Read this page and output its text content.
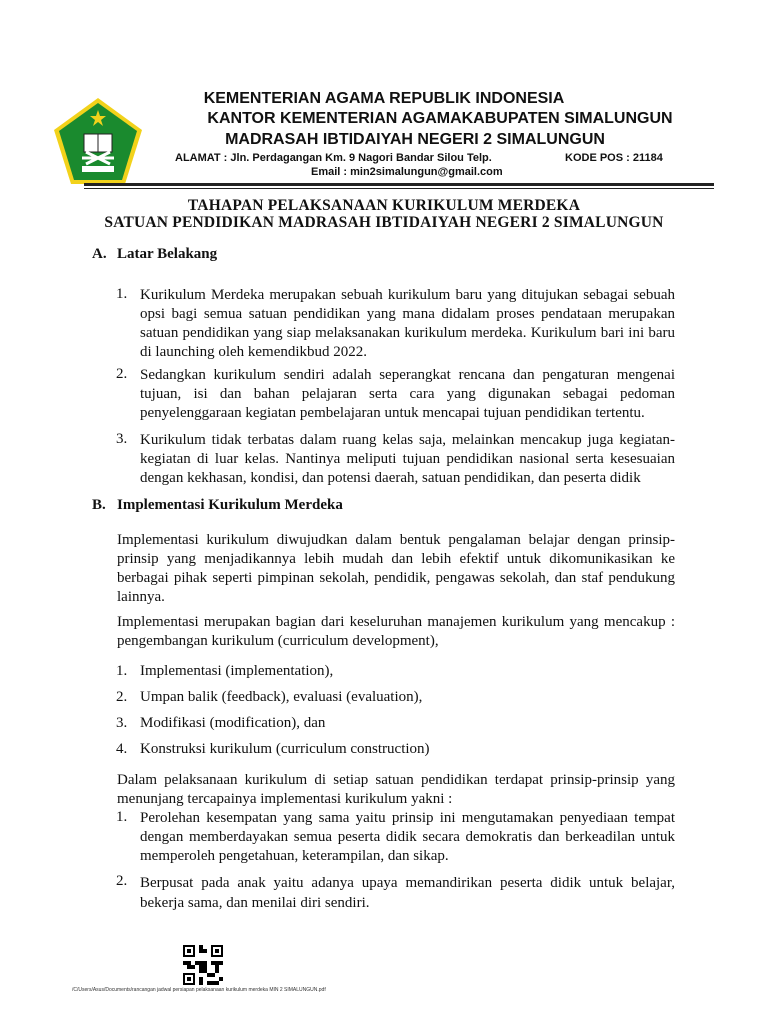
KEMENTERIAN AGAMA REPUBLIK INDONESIA
KANTOR KEMENTERIAN AGAMAKABUPATEN SIMALUNGUN
MADRASAH IBTIDAIYAH NEGERI 2 SIMALUNGUN
ALAMAT : Jln. Perdagangan Km. 9 Nagori Bandar Silou Telp.	KODE POS : 21184
Email : min2simalungun@gmail.com
TAHAPAN PELAKSANAAN KURIKULUM MERDEKA
SATUAN PENDIDIKAN MADRASAH IBTIDAIYAH NEGERI 2 SIMALUNGUN
A. Latar Belakang
1. Kurikulum Merdeka merupakan sebuah kurikulum baru yang ditujukan sebagai sebuah opsi bagi semua satuan pendidikan yang mana didalam proses pendataan merupakan satuan pendidikan yang siap melaksanakan kurikulum merdeka. Kurikulum bari ini baru di launching oleh kemendikbud 2022.
2. Sedangkan kurikulum sendiri adalah seperangkat rencana dan pengaturan mengenai tujuan, isi dan bahan pelajaran serta cara yang digunakan sebagai pedoman penyelenggaraan kegiatan pembelajaran untuk mencapai tujuan pendidikan tertentu.
3. Kurikulum tidak terbatas dalam ruang kelas saja, melainkan mencakup juga kegiatan-kegiatan di luar kelas. Nantinya meliputi tujuan pendidikan nasional serta kesesuaian dengan kekhasan, kondisi, dan potensi daerah, satuan pendidikan, dan peserta didik
B. Implementasi Kurikulum Merdeka
Implementasi kurikulum diwujudkan dalam bentuk pengalaman belajar dengan prinsip-prinsip yang menjadikannya lebih mudah dan lebih efektif untuk dikomunikasikan ke berbagai pihak seperti pimpinan sekolah, pendidik, pengawas sekolah, dan staf pendukung lainnya.
Implementasi merupakan bagian dari keseluruhan manajemen kurikulum yang mencakup : pengembangan kurikulum (curriculum development),
1. Implementasi (implementation),
2. Umpan balik (feedback), evaluasi (evaluation),
3. Modifikasi (modification), dan
4. Konstruksi kurikulum (curriculum construction)
Dalam pelaksanaan kurikulum di setiap satuan pendidikan terdapat prinsip-prinsip yang menunjang tercapainya implementasi kurikulum yakni :
1. Perolehan kesempatan yang sama yaitu prinsip ini mengutamakan penyediaan tempat dengan memberdayakan semua peserta didik secara demokratis dan berkeadilan untuk memperoleh pengetahuan, keterampilan, dan sikap.
2. Berpusat pada anak yaitu adanya upaya memandirikan peserta didik untuk belajar, bekerja sama, dan menilai diri sendiri.
/C/Users/Asus/Documents/rancangan jadwal persiapan pelaksanaan kurikulum merdeka MIN 2 SIMALUNGUN.pdf
